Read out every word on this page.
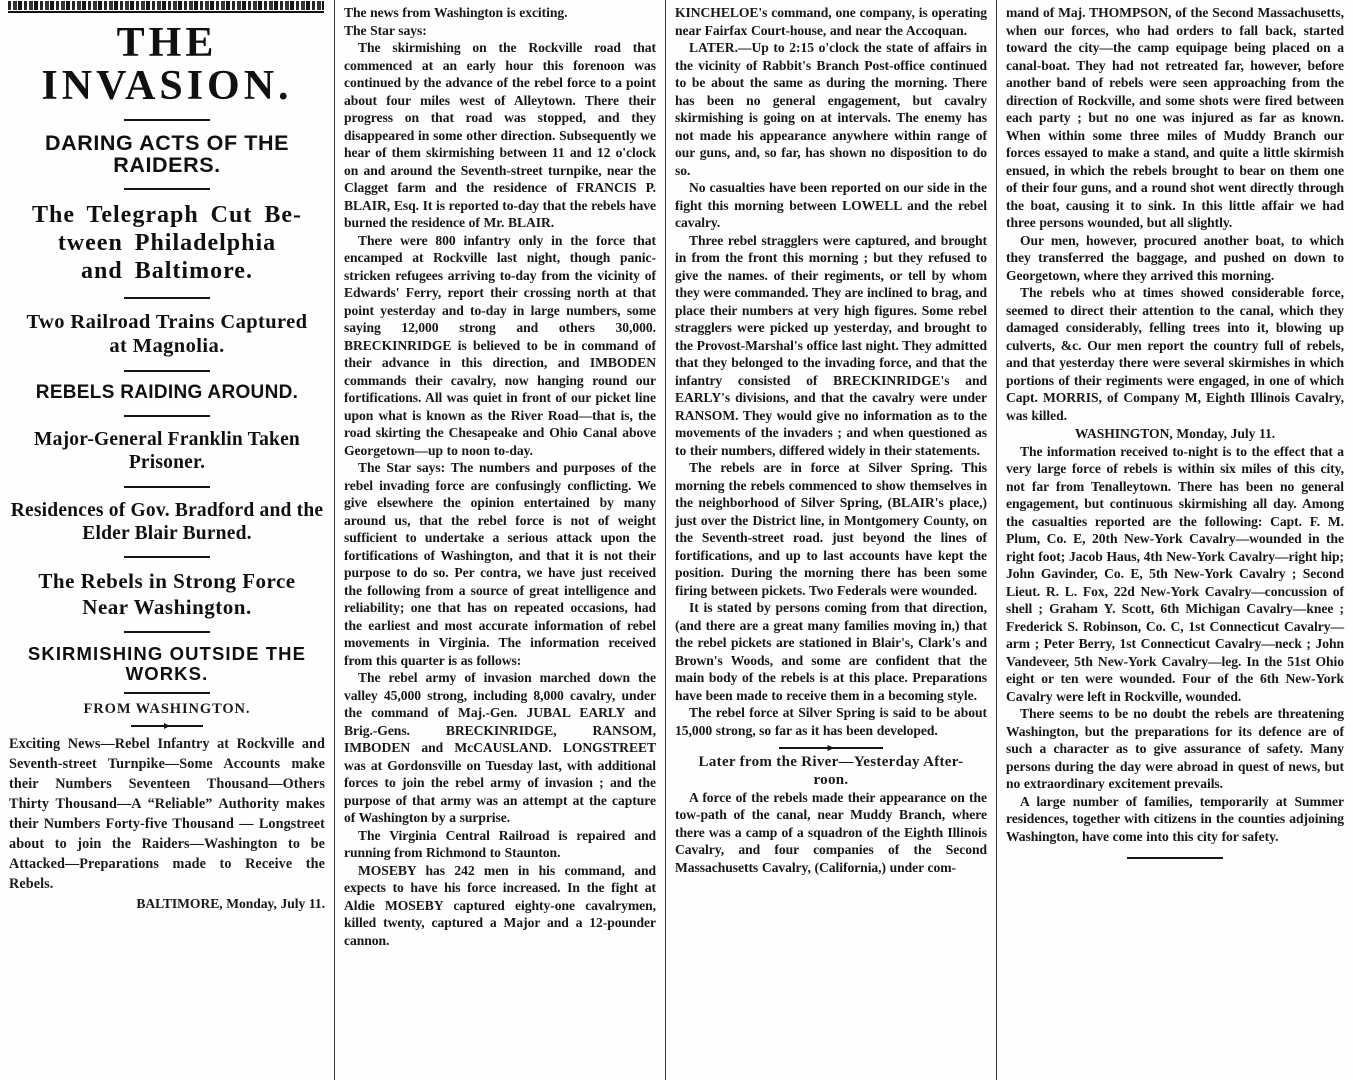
THE INVASION.
DARING ACTS OF THE RAIDERS.
The Telegraph Cut Be-
tween Philadelphia
and Baltimore.
Two Railroad Trains Captured
at Magnolia.
REBELS RAIDING AROUND.
Major-General Franklin Taken
Prisoner.
Residences of Gov. Bradford and the
Elder Blair Burned.
The Rebels in Strong Force
Near Washington.
SKIRMISHING OUTSIDE THE WORKS.
FROM WASHINGTON.

Exciting News—Rebel Infantry at Rockville and Seventh-street Turnpike—Some Accounts make their Numbers Seventeen Thousand—Others Thirty Thousand—A “Reliable” Authority makes their Numbers Forty-five Thousand — Longstreet about to join the Raiders—Washington to be Attacked—Preparations made to Receive the Rebels.

BALTIMORE, Monday, July 11.

The news from Washington is exciting.

The Star says:

The skirmishing on the Rockville road that commenced at an early hour this forenoon was continued by the advance of the rebel force to a point about four miles west of Alleytown. There their progress on that road was stopped, and they disappeared in some other direction. Subsequently we hear of them skirmishing between 11 and 12 o'clock on and around the Seventh-street turnpike, near the Clagget farm and the residence of FRANCIS P. BLAIR, Esq. It is reported to-day that the rebels have burned the residence of Mr. BLAIR.

There were 800 infantry only in the force that encamped at Rockville last night, though panic-stricken refugees arriving to-day from the vicinity of Edwards' Ferry, report their crossing north at that point yesterday and to-day in large numbers, some saying 12,000 strong and others 30,000. BRECKINRIDGE is believed to be in command of their advance in this direction, and IMBODEN commands their cavalry, now hanging round our fortifications. All was quiet in front of our picket line upon what is known as the River Road—that is, the road skirting the Chesapeake and Ohio Canal above Georgetown—up to noon to-day.

The Star says: The numbers and purposes of the rebel invading force are confusingly conflicting. We give elsewhere the opinion entertained by many around us, that the rebel force is not of weight sufficient to undertake a serious attack upon the fortifications of Washington, and that it is not their purpose to do so. Per contra, we have just received the following from a source of great intelligence and reliability; one that has on repeated occasions, had the earliest and most accurate information of rebel movements in Virginia. The information received from this quarter is as follows:

The rebel army of invasion marched down the valley 45,000 strong, including 8,000 cavalry, under the command of Maj.-Gen. JUBAL EARLY and Brig.-Gens. BRECKINRIDGE, RANSOM, IMBODEN and McCAUSLAND. LONGSTREET was at Gordonsville on Tuesday last, with additional forces to join the rebel army of invasion ; and the purpose of that army was an attempt at the capture of Washington by a surprise.

The Virginia Central Railroad is repaired and running from Richmond to Staunton.

MOSEBY has 242 men in his command, and expects to have his force increased. In the fight at Aldie MOSEBY captured eighty-one cavalrymen, killed twenty, captured a Major and a 12-pounder cannon.

KINCHELOE's command, one company, is operating near Fairfax Court-house, and near the Accoquan.

LATER.—Up to 2:15 o'clock the state of affairs in the vicinity of Rabbit's Branch Post-office continued to be about the same as during the morning. There has been no general engagement, but cavalry skirmishing is going on at intervals. The enemy has not made his appearance anywhere within range of our guns, and, so far, has shown no disposition to do so.

No casualties have been reported on our side in the fight this morning between LOWELL and the rebel cavalry.

Three rebel stragglers were captured, and brought in from the front this morning ; but they refused to give the names. of their regiments, or tell by whom they were commanded. They are inclined to brag, and place their numbers at very high figures. Some rebel stragglers were picked up yesterday, and brought to the Provost-Marshal's office last night. They admitted that they belonged to the invading force, and that the infantry consisted of BRECKINRIDGE's and EARLY's divisions, and that the cavalry were under RANSOM. They would give no information as to the movements of the invaders ; and when questioned as to their numbers, differed widely in their statements.

The rebels are in force at Silver Spring. This morning the rebels commenced to show themselves in the neighborhood of Silver Spring, (BLAIR's place,) just over the District line, in Montgomery County, on the Seventh-street road. just beyond the lines of fortifications, and up to last accounts have kept the position. During the morning there has been some firing between pickets. Two Federals were wounded.

It is stated by persons coming from that direction, (and there are a great many families moving in,) that the rebel pickets are stationed in Blair's, Clark's and Brown's Woods, and some are confident that the main body of the rebels is at this place. Preparations have been made to receive them in a becoming style.

The rebel force at Silver Spring is said to be about 15,000 strong, so far as it has been developed.

Later from the River—Yesterday After-
roon.

A force of the rebels made their appearance on the tow-path of the canal, near Muddy Branch, where there was a camp of a squadron of the Eighth Illinois Cavalry, and four companies of the Second Massachusetts Cavalry, (California,) under com-

mand of Maj. THOMPSON, of the Second Massachusetts, when our forces, who had orders to fall back, started toward the city—the camp equipage being placed on a canal-boat. They had not retreated far, however, before another band of rebels were seen approaching from the direction of Rockville, and some shots were fired between each party ; but no one was injured as far as known. When within some three miles of Muddy Branch our forces essayed to make a stand, and quite a little skirmish ensued, in which the rebels brought to bear on them one of their four guns, and a round shot went directly through the boat, causing it to sink. In this little affair we had three persons wounded, but all slightly.

Our men, however, procured another boat, to which they transferred the baggage, and pushed on down to Georgetown, where they arrived this morning.

The rebels who at times showed considerable force, seemed to direct their attention to the canal, which they damaged considerably, felling trees into it, blowing up culverts, &c. Our men report the country full of rebels, and that yesterday there were several skirmishes in which portions of their regiments were engaged, in one of which Capt. MORRIS, of Company M, Eighth Illinois Cavalry, was killed.

WASHINGTON, Monday, July 11.

The information received to-night is to the effect that a very large force of rebels is within six miles of this city, not far from Tenalleytown. There has been no general engagement, but continuous skirmishing all day. Among the casualties reported are the following: Capt. F. M. Plum, Co. E, 20th New-York Cavalry—wounded in the right foot; Jacob Haus, 4th New-York Cavalry—right hip; John Gavinder, Co. E, 5th New-York Cavalry ; Second Lieut. R. L. Fox, 22d New-York Cavalry—concussion of shell ; Graham Y. Scott, 6th Michigan Cavalry—knee ; Frederick S. Robinson, Co. C, 1st Connecticut Cavalry—arm ; Peter Berry, 1st Connecticut Cavalry—neck ; John Vandeveer, 5th New-York Cavalry—leg. In the 51st Ohio eight or ten were wounded. Four of the 6th New-York Cavalry were left in Rockville, wounded.

There seems to be no doubt the rebels are threatening Washington, but the preparations for its defence are of such a character as to give assurance of safety. Many persons during the day were abroad in quest of news, but no extraordinary excitement prevails.

A large number of families, temporarily at Summer residences, together with citizens in the counties adjoining Washington, have come into this city for safety.
